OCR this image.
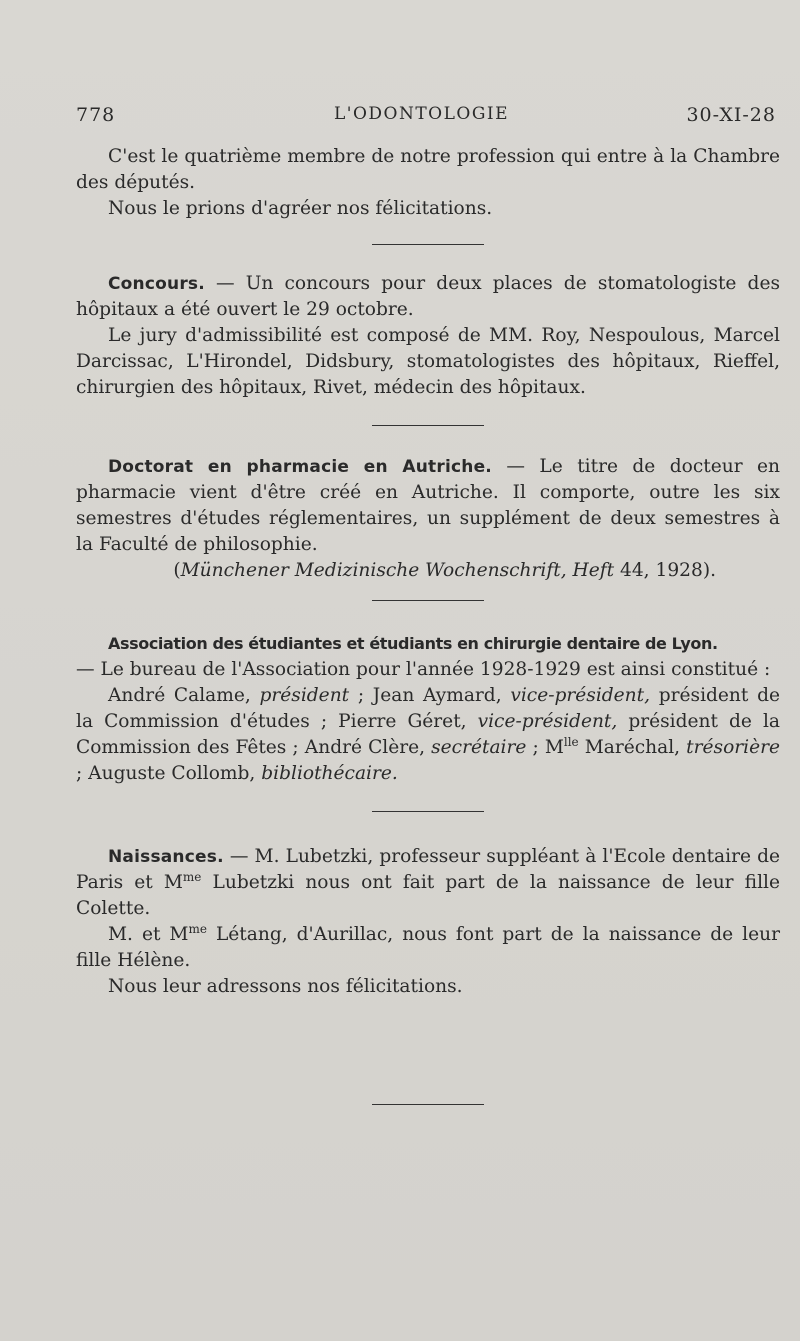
778	L'ODONTOLOGIE	30-XI-28

C'est le quatrième membre de notre profession qui entre à la Chambre des députés.

Nous le prions d'agréer nos félicitations.

Concours. — Un concours pour deux places de stomatologiste des hôpitaux a été ouvert le 29 octobre.

Le jury d'admissibilité est composé de MM. Roy, Nespoulous, Marcel Darcissac, L'Hirondel, Didsbury, stomatologistes des hôpitaux, Rieffel, chirurgien des hôpitaux, Rivet, médecin des hôpitaux.

Doctorat en pharmacie en Autriche. — Le titre de docteur en pharmacie vient d'être créé en Autriche. Il comporte, outre les six semestres d'études réglementaires, un supplément de deux semestres à la Faculté de philosophie.

(Münchener Medizinische Wochenschrift, Heft 44, 1928).

Association des étudiantes et étudiants en chirurgie dentaire de Lyon.

— Le bureau de l'Association pour l'année 1928-1929 est ainsi constitué :

André Calame, président ; Jean Aymard, vice-président, président de la Commission d'études ; Pierre Géret, vice-président, président de la Commission des Fêtes ; André Clère, secrétaire ; $M^{lle}$ Maréchal, trésorière ; Auguste Collomb, bibliothécaire.

Naissances. — M. Lubetzki, professeur suppléant à l'Ecole dentaire de Paris et $M^{me}$ Lubetzki nous ont fait part de la naissance de leur fille Colette.

M. et $M^{me}$ Létang, d'Aurillac, nous font part de la naissance de leur fille Hélène.

Nous leur adressons nos félicitations.
